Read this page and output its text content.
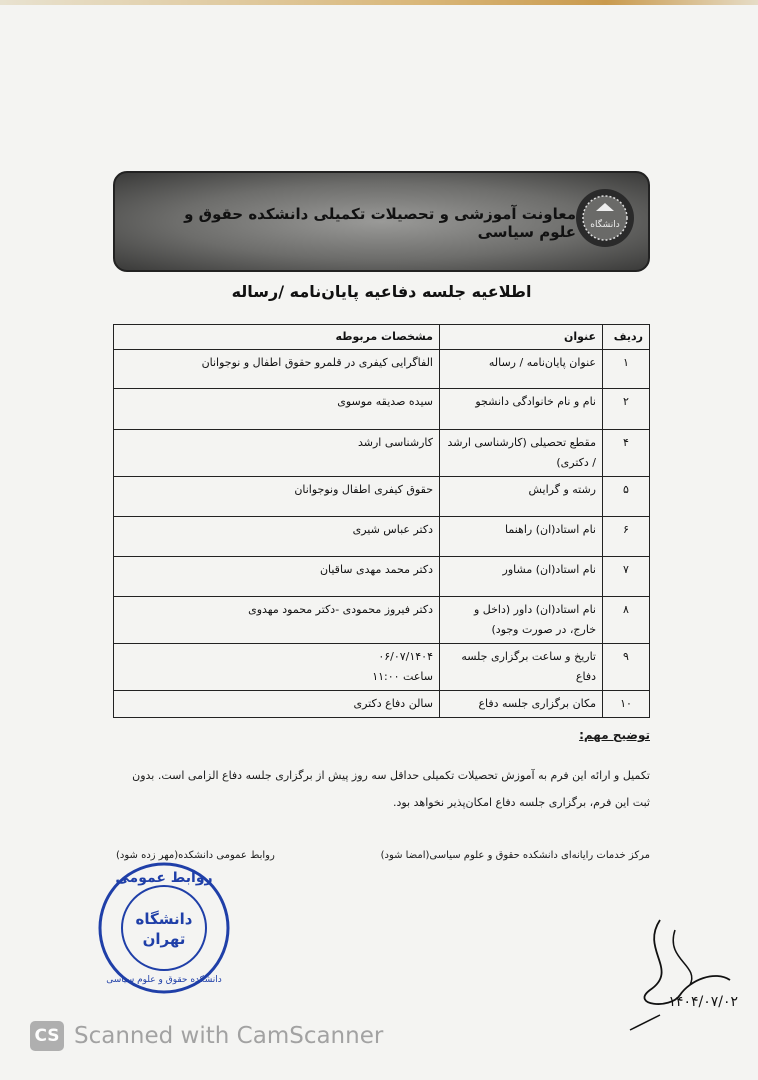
دانشگاه
معاونت آموزشی و تحصیلات تکمیلی دانشکده حقوق و علوم سیاسی
اطلاعیه جلسه دفاعیه پایان‌نامه /رساله
ردیف	عنوان	مشخصات مربوطه
۱	عنوان پایان‌نامه / رساله	الفاگرایی کیفری در قلمرو حقوق اطفال و نوجوانان
۲	نام و نام خانوادگی دانشجو	سیده صدیقه موسوی
۴	مقطع تحصیلی (کارشناسی ارشد / دکتری)	کارشناسی ارشد
۵	رشته و گرایش	حقوق کیفری اطفال ونوجوانان
۶	نام استاد(ان) راهنما	دکتر عباس شیری
۷	نام استاد(ان) مشاور	دکتر محمد مهدی ساقیان
۸	نام استاد(ان) داور (داخل و خارج، در صورت وجود)	دکتر فیروز محمودی -دکتر محمود مهدوی
۹	تاریخ و ساعت برگزاری جلسه دفاع	۰۶/۰۷/۱۴۰۴
ساعت ۱۱:۰۰

۱۰	مکان برگزاری جلسه دفاع	سالن دفاع دکتری
توضیح مهم:
تکمیل و ارائه این فرم به آموزش تحصیلات تکمیلی حداقل سه روز پیش از برگزاری جلسه دفاع الزامی است. بدون ثبت این فرم، برگزاری جلسه دفاع امکان‌پذیر نخواهد بود.
مرکز خدمات رایانه‌ای دانشکده حقوق و علوم سیاسی(امضا شود)
روابط عمومی دانشکده(مهر زده شود)
روابط عمومی
دانشگاه
تهران
دانشکده حقوق و علوم سیاسی
۱۴۰۴/۰۷/۰۲
CS Scanned with CamScanner
